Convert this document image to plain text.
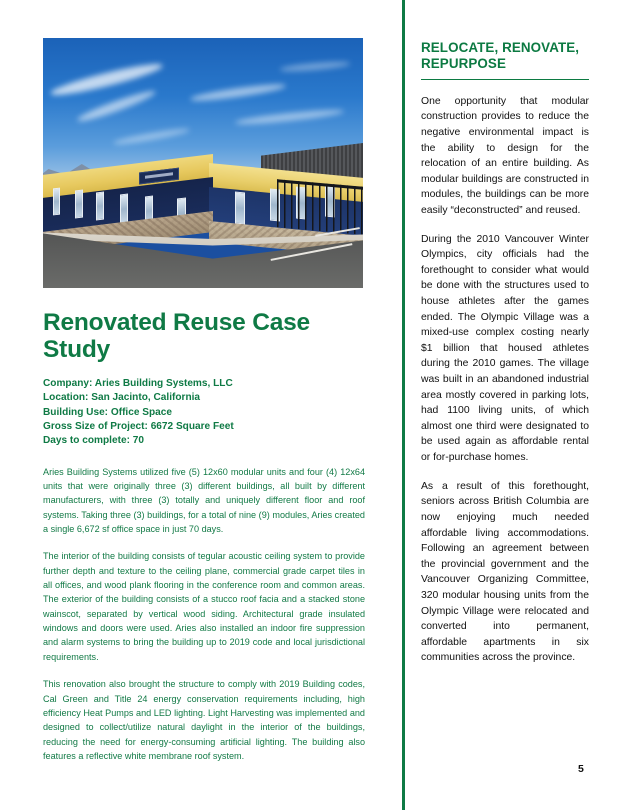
Renovated Reuse Case Study
Company: Aries Building Systems, LLC
Location: San Jacinto, California
Building Use: Office Space
Gross Size of Project: 6672 Square Feet
Days to complete: 70

Aries Building Systems utilized five (5) 12x60 modular units and four (4) 12x64 units that were originally three (3) different buildings, all built by different manufacturers, with three (3) totally and uniquely different floor and roof systems. Taking three (3) buildings, for a total of nine (9) modules, Aries created a single 6,672 sf office space in just 70 days.

The interior of the building consists of tegular acoustic ceiling system to provide further depth and texture to the ceiling plane, commercial grade carpet tiles in all offices, and wood plank flooring in the conference room and common areas. The exterior of the building consists of a stucco roof facia and a stacked stone wainscot, separated by vertical wood siding. Architectural grade insulated windows and doors were used. Aries also installed an indoor fire suppression and alarm systems to bring the building up to 2019 code and local jurisdictional requirements.

This renovation also brought the structure to comply with 2019 Building codes, Cal Green and Title 24 energy conservation requirements including, high efficiency Heat Pumps and LED lighting. Light Harvesting was implemented and designed to collect/utilize natural daylight in the interior of the buildings, reducing the need for energy-consuming artificial lighting. The building also features a reflective white membrane roof system.

RELOCATE, RENOVATE, REPURPOSE

One opportunity that modular construction provides to reduce the negative environmental impact is the ability to design for the relocation of an entire building. As modular buildings are constructed in modules, the buildings can be more easily “deconstructed” and reused.

During the 2010 Vancouver Winter Olympics, city officials had the forethought to consider what would be done with the structures used to house athletes after the games ended. The Olympic Village was a mixed-use complex costing nearly $1 billion that housed athletes during the 2010 games. The village was built in an abandoned industrial area mostly covered in parking lots, had 1100 living units, of which almost one third were designated to be used again as affordable rental or for-purchase homes.

As a result of this forethought, seniors across British Columbia are now enjoying much needed affordable living accommodations. Following an agreement between the provincial government and the Vancouver Organizing Committee, 320 modular housing units from the Olympic Village were relocated and converted into permanent, affordable apartments in six communities across the province.

5
